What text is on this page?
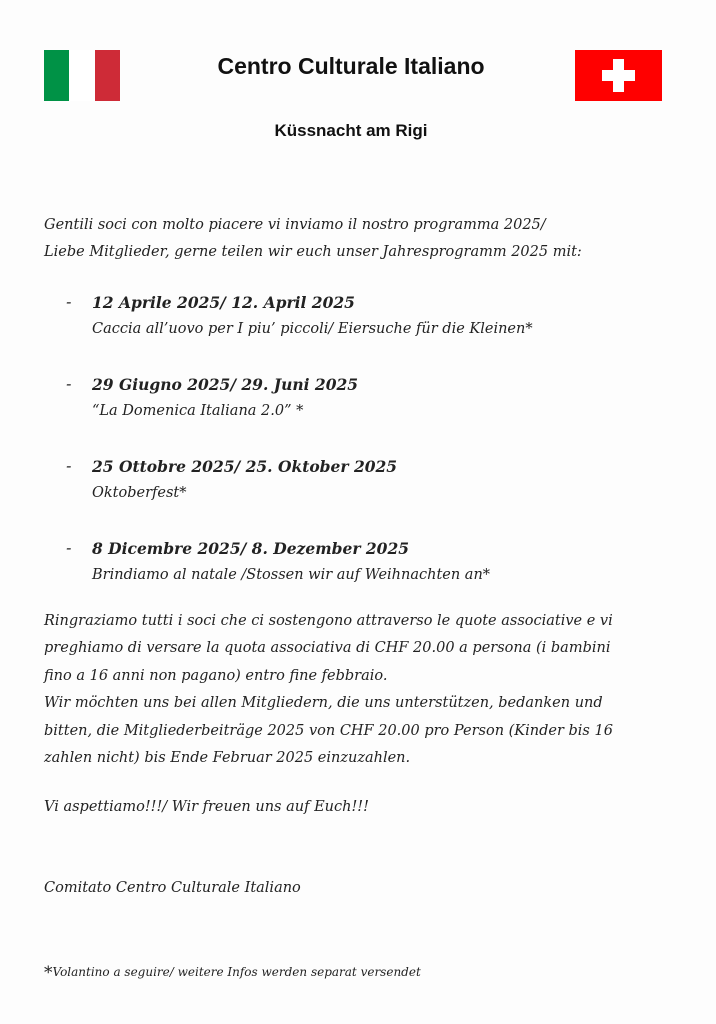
Centro Culturale Italiano
Küssnacht am Rigi
Gentili soci con molto piacere vi inviamo il nostro programma 2025/
Liebe Mitglieder, gerne teilen wir euch unser Jahresprogramm 2025 mit:
- 12 Aprile 2025/ 12. April 2025
Caccia all’uovo per I piu’ piccoli/ Eiersuche für die Kleinen*
- 29 Giugno 2025/ 29. Juni 2025
“La Domenica Italiana 2.0” *
- 25 Ottobre 2025/ 25. Oktober 2025
Oktoberfest*
- 8 Dicembre 2025/ 8. Dezember 2025
Brindiamo al natale /Stossen wir auf Weihnachten an*
Ringraziamo tutti i soci che ci sostengono attraverso le quote associative e vi
preghiamo di versare la quota associativa di CHF 20.00 a persona (i bambini
fino a 16 anni non pagano) entro fine febbraio.
Wir möchten uns bei allen Mitgliedern, die uns unterstützen, bedanken und
bitten, die Mitgliederbeiträge 2025 von CHF 20.00 pro Person (Kinder bis 16
zahlen nicht) bis Ende Februar 2025 einzuzahlen.
Vi aspettiamo!!!/ Wir freuen uns auf Euch!!!
Comitato Centro Culturale Italiano
*Volantino a seguire/ weitere Infos werden separat versendet
